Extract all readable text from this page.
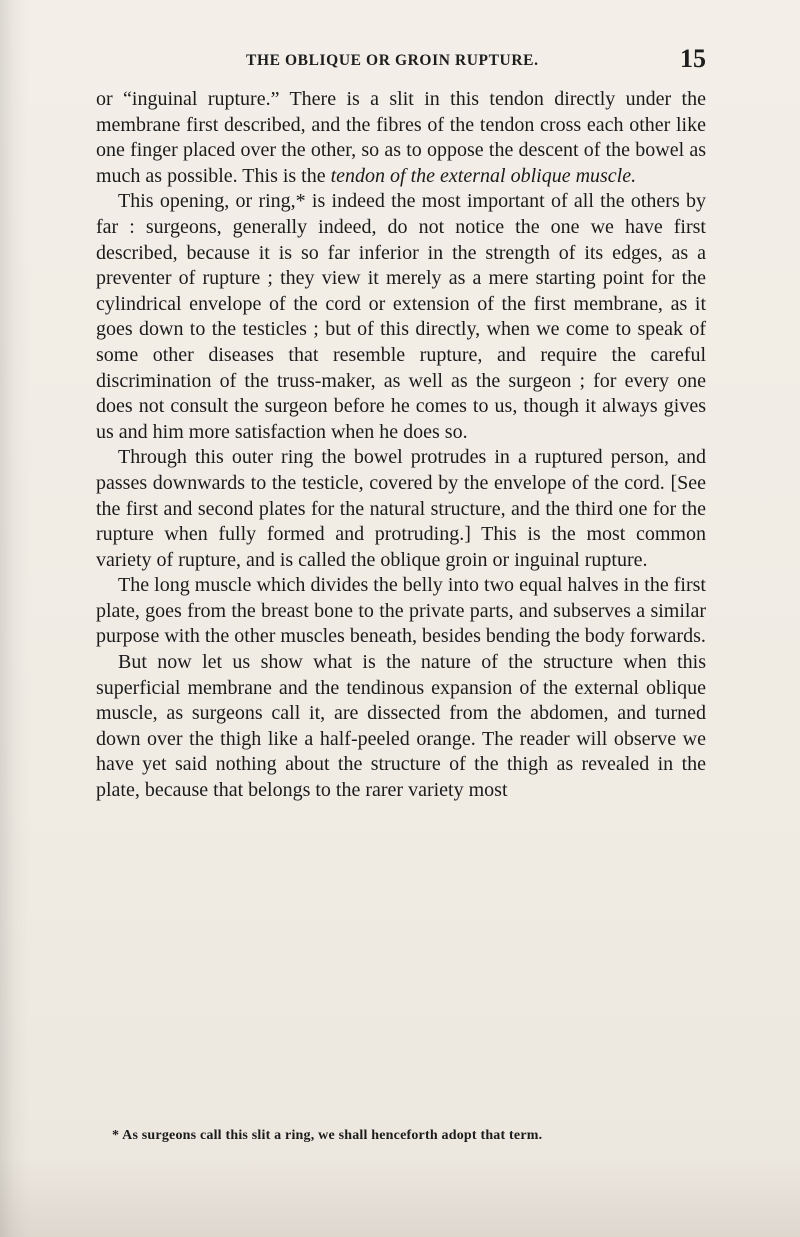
THE OBLIQUE OR GROIN RUPTURE.	15

or “inguinal rupture.” There is a slit in this tendon directly under the membrane first described, and the fibres of the tendon cross each other like one finger placed over the other, so as to oppose the descent of the bowel as much as possible. This is the tendon of the external oblique muscle.

This opening, or ring,* is indeed the most important of all the others by far : surgeons, generally indeed, do not notice the one we have first described, because it is so far inferior in the strength of its edges, as a preventer of rupture ; they view it merely as a mere starting point for the cylindrical envelope of the cord or extension of the first membrane, as it goes down to the testicles ; but of this directly, when we come to speak of some other diseases that resemble rupture, and require the careful discrimination of the truss-maker, as well as the surgeon ; for every one does not consult the surgeon before he comes to us, though it always gives us and him more satisfaction when he does so.

Through this outer ring the bowel protrudes in a ruptured person, and passes downwards to the testicle, covered by the envelope of the cord. [See the first and second plates for the natural structure, and the third one for the rupture when fully formed and protruding.] This is the most common variety of rupture, and is called the oblique groin or inguinal rupture.

The long muscle which divides the belly into two equal halves in the first plate, goes from the breast bone to the private parts, and subserves a similar purpose with the other muscles beneath, besides bending the body forwards.

But now let us show what is the nature of the structure when this superficial membrane and the tendinous expansion of the external oblique muscle, as surgeons call it, are dissected from the abdomen, and turned down over the thigh like a half-peeled orange. The reader will observe we have yet said nothing about the structure of the thigh as revealed in the plate, because that belongs to the rarer variety most

* As surgeons call this slit a ring, we shall henceforth adopt that term.
